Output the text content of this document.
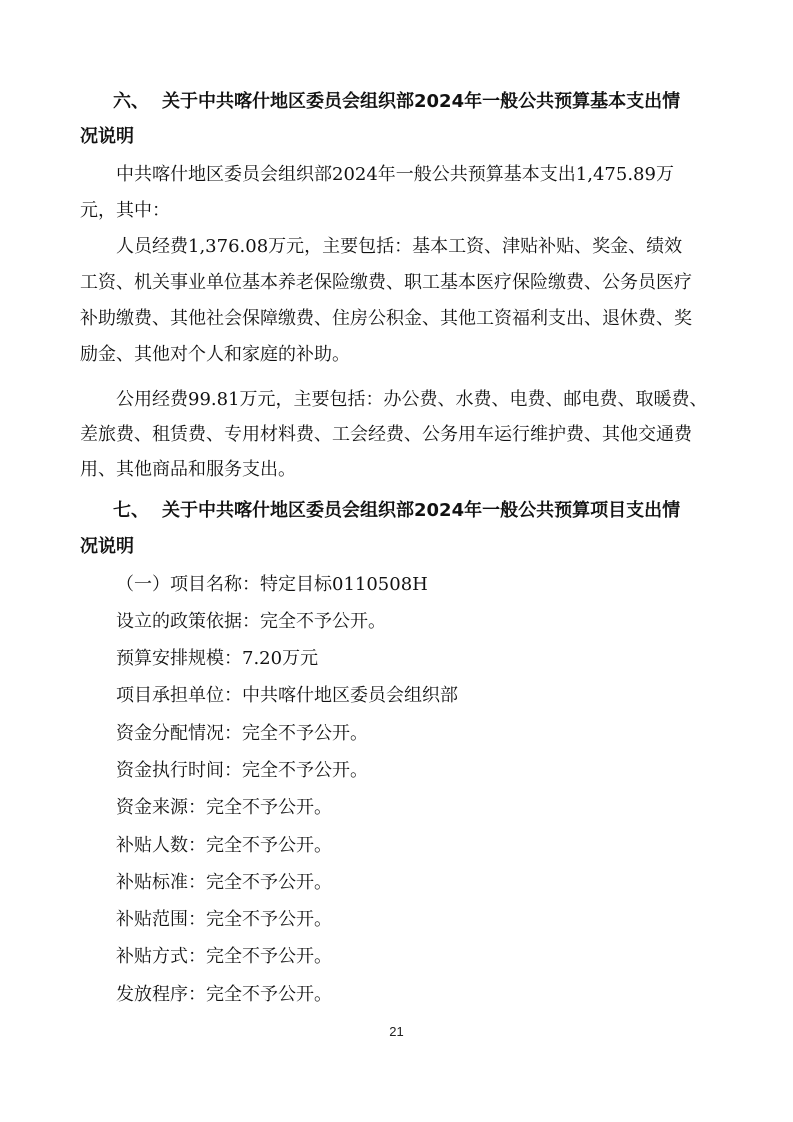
六、 关于中共喀什地区委员会组织部2024年一般公共预算基本支出情
况说明
中共喀什地区委员会组织部2024年一般公共预算基本支出1,475.89万
元，其中：
人员经费1,376.08万元，主要包括：基本工资、津贴补贴、奖金、绩效
工资、机关事业单位基本养老保险缴费、职工基本医疗保险缴费、公务员医疗
补助缴费、其他社会保障缴费、住房公积金、其他工资福利支出、退休费、奖
励金、其他对个人和家庭的补助。
公用经费99.81万元，主要包括：办公费、水费、电费、邮电费、取暖费、
差旅费、租赁费、专用材料费、工会经费、公务用车运行维护费、其他交通费
用、其他商品和服务支出。
七、 关于中共喀什地区委员会组织部2024年一般公共预算项目支出情
况说明
（一）项目名称：特定目标0110508H
设立的政策依据：完全不予公开。
预算安排规模：7.20万元
项目承担单位：中共喀什地区委员会组织部
资金分配情况：完全不予公开。
资金执行时间：完全不予公开。
资金来源：完全不予公开。
补贴人数：完全不予公开。
补贴标准：完全不予公开。
补贴范围：完全不予公开。
补贴方式：完全不予公开。
发放程序：完全不予公开。
21
